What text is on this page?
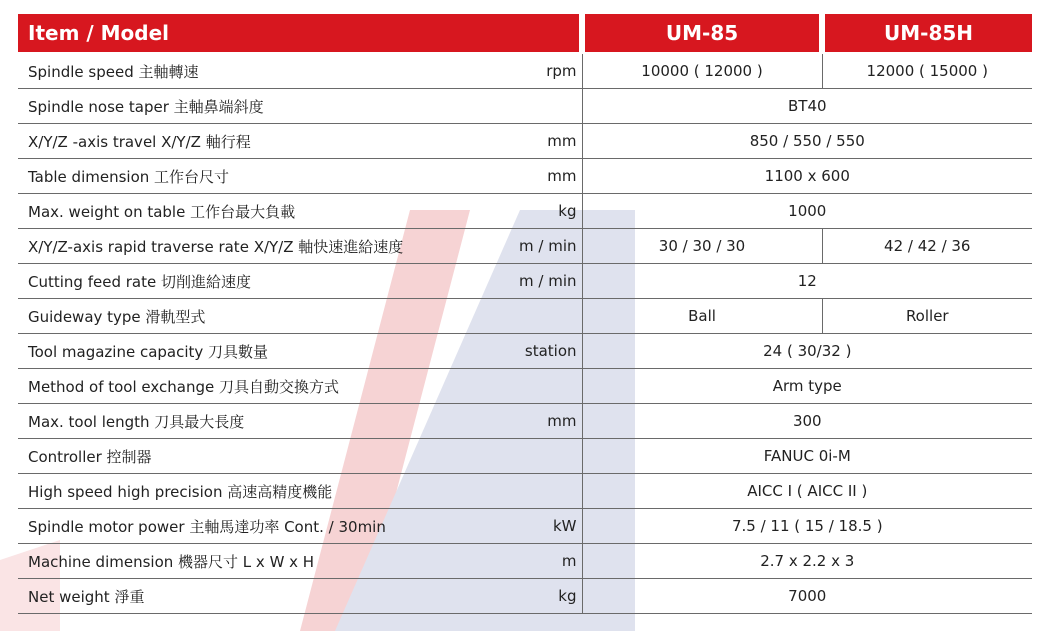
Item / Model		UM-85	UM-85H
Spindle speed 主軸轉速	rpm	10000 ( 12000 )	12000 ( 15000 )
Spindle nose taper 主軸鼻端斜度		BT40	
X/Y/Z -axis travel X/Y/Z 軸行程	mm	850 / 550 / 550	
Table dimension 工作台尺寸	mm	1100 x 600	
Max. weight on table 工作台最大負載	kg	1000	
X/Y/Z-axis rapid traverse rate X/Y/Z 軸快速進給速度	m / min	30 / 30 / 30	42 / 42 / 36
Cutting feed rate 切削進給速度	m / min	12	
Guideway type 滑軌型式		Ball	Roller
Tool magazine capacity 刀具數量	station	24 ( 30/32 )	
Method of tool exchange 刀具自動交換方式		Arm type	
Max. tool length 刀具最大長度	mm	300	
Controller 控制器		FANUC 0i-M	
High speed high precision 高速高精度機能		AICC I ( AICC II )	
Spindle motor power 主軸馬達功率 Cont. / 30min	kW	7.5 / 11 ( 15 / 18.5 )	
Machine dimension 機器尺寸 L x W x H	m	2.7 x 2.2 x 3	
Net weight 淨重	kg	7000	
